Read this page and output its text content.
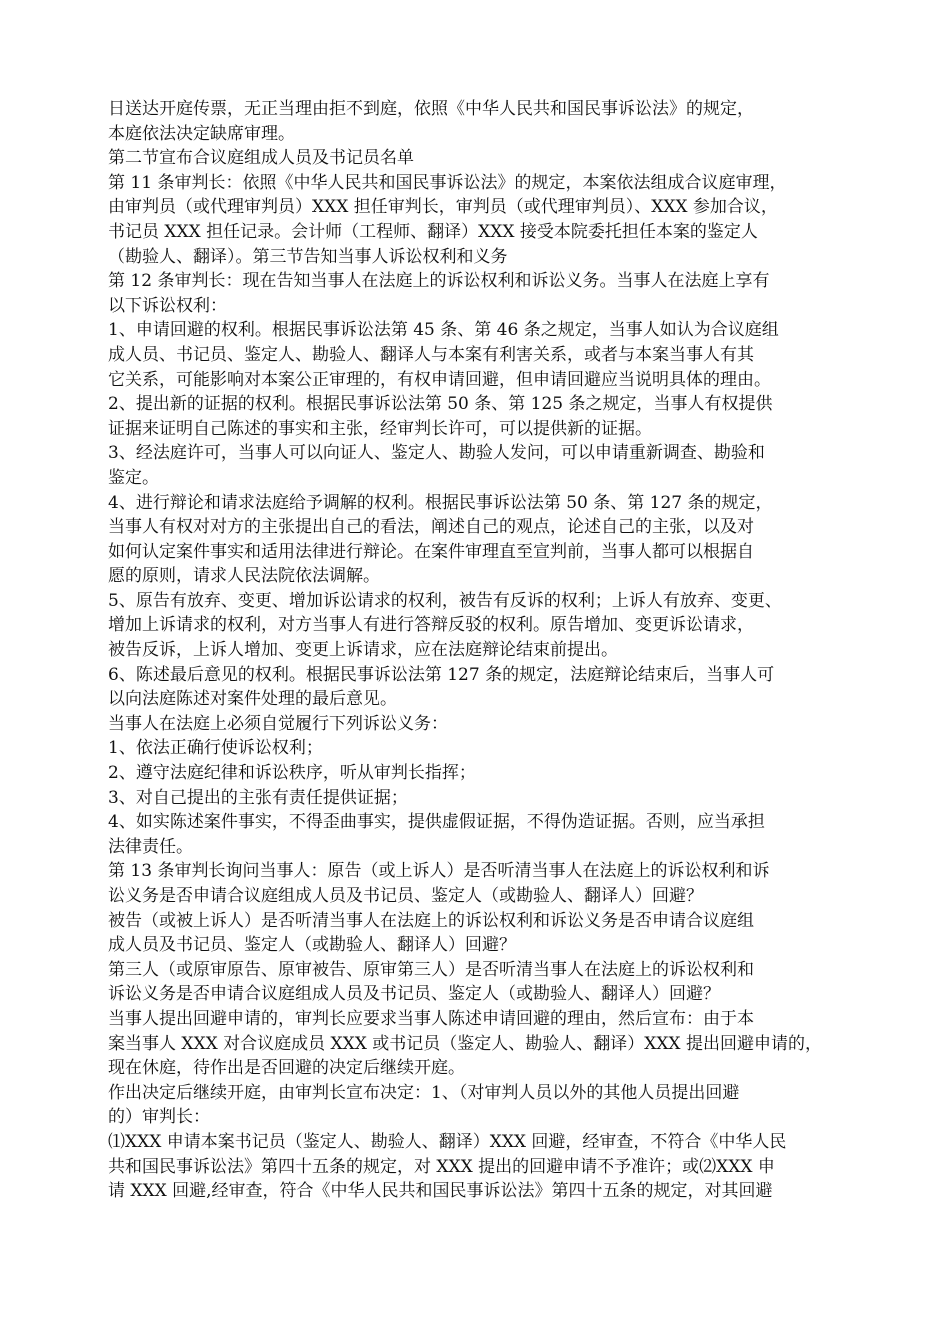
日送达开庭传票，无正当理由拒不到庭，依照《中华人民共和国民事诉讼法》的规定，
本庭依法决定缺席审理。
第二节宣布合议庭组成人员及书记员名单
第 11 条审判长：依照《中华人民共和国民事诉讼法》的规定，本案依法组成合议庭审理，
由审判员（或代理审判员）XXX 担任审判长，审判员（或代理审判员）、XXX 参加合议，
书记员 XXX 担任记录。会计师（工程师、翻译）XXX 接受本院委托担任本案的鉴定人
（勘验人、翻译）。第三节告知当事人诉讼权利和义务
第 12 条审判长：现在告知当事人在法庭上的诉讼权利和诉讼义务。当事人在法庭上享有
以下诉讼权利：
1、申请回避的权利。根据民事诉讼法第 45 条、第 46 条之规定，当事人如认为合议庭组
成人员、书记员、鉴定人、勘验人、翻译人与本案有利害关系，或者与本案当事人有其
它关系，可能影响对本案公正审理的，有权申请回避，但申请回避应当说明具体的理由。
2、提出新的证据的权利。根据民事诉讼法第 50 条、第 125 条之规定，当事人有权提供
证据来证明自己陈述的事实和主张，经审判长许可，可以提供新的证据。
3、经法庭许可，当事人可以向证人、鉴定人、勘验人发问，可以申请重新调查、勘验和
鉴定。
4、进行辩论和请求法庭给予调解的权利。根据民事诉讼法第 50 条、第 127 条的规定，
当事人有权对对方的主张提出自己的看法，阐述自己的观点，论述自己的主张，以及对
如何认定案件事实和适用法律进行辩论。在案件审理直至宣判前，当事人都可以根据自
愿的原则，请求人民法院依法调解。
5、原告有放弃、变更、增加诉讼请求的权利，被告有反诉的权利；上诉人有放弃、变更、
增加上诉请求的权利，对方当事人有进行答辩反驳的权利。原告增加、变更诉讼请求，
被告反诉，上诉人增加、变更上诉请求，应在法庭辩论结束前提出。
6、陈述最后意见的权利。根据民事诉讼法第 127 条的规定，法庭辩论结束后，当事人可
以向法庭陈述对案件处理的最后意见。
当事人在法庭上必须自觉履行下列诉讼义务：
1、依法正确行使诉讼权利；
2、遵守法庭纪律和诉讼秩序，听从审判长指挥；
3、对自己提出的主张有责任提供证据；
4、如实陈述案件事实，不得歪曲事实，提供虚假证据，不得伪造证据。否则，应当承担
法律责任。
第 13 条审判长询问当事人：原告（或上诉人）是否听清当事人在法庭上的诉讼权利和诉
讼义务是否申请合议庭组成人员及书记员、鉴定人（或勘验人、翻译人）回避？
被告（或被上诉人）是否听清当事人在法庭上的诉讼权利和诉讼义务是否申请合议庭组
成人员及书记员、鉴定人（或勘验人、翻译人）回避？
第三人（或原审原告、原审被告、原审第三人）是否听清当事人在法庭上的诉讼权利和
诉讼义务是否申请合议庭组成人员及书记员、鉴定人（或勘验人、翻译人）回避？
当事人提出回避申请的，审判长应要求当事人陈述申请回避的理由，然后宣布：由于本
案当事人 XXX 对合议庭成员 XXX 或书记员（鉴定人、勘验人、翻译）XXX 提出回避申请的，
现在休庭，待作出是否回避的决定后继续开庭。
作出决定后继续开庭，由审判长宣布决定：1、（对审判人员以外的其他人员提出回避
的）审判长：
⑴XXX 申请本案书记员（鉴定人、勘验人、翻译）XXX 回避，经审查，不符合《中华人民
共和国民事诉讼法》第四十五条的规定，对 XXX 提出的回避申请不予准许；或⑵XXX 申
请 XXX 回避,经审查，符合《中华人民共和国民事诉讼法》第四十五条的规定，对其回避
